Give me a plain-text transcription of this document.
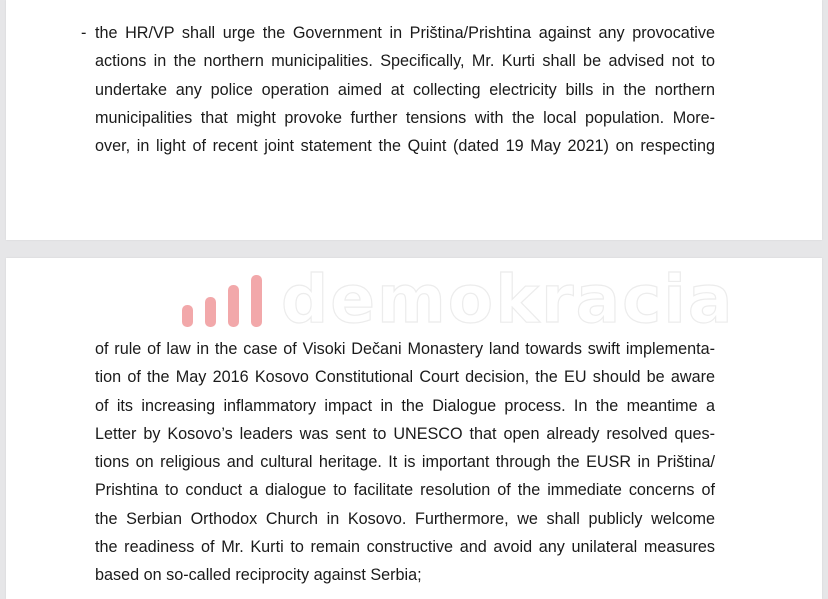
- the HR/VP shall urge the Government in Priština/Prishtina against any provocative
actions in the northern municipalities. Specifically, Mr. Kurti shall be advised not to
undertake any police operation aimed at collecting electricity bills in the northern
municipalities that might provoke further tensions with the local population. More-
over, in light of recent joint statement the Quint (dated 19 May 2021) on respecting
demokracia
of rule of law in the case of Visoki Dečani Monastery land towards swift implementa-
tion of the May 2016 Kosovo Constitutional Court decision, the EU should be aware
of its increasing inflammatory impact in the Dialogue process. In the meantime a
Letter by Kosovo’s leaders was sent to UNESCO that open already resolved ques-
tions on religious and cultural heritage. It is important through the EUSR in Priština/
Prishtina to conduct a dialogue to facilitate resolution of the immediate concerns of
the Serbian Orthodox Church in Kosovo. Furthermore, we shall publicly welcome
the readiness of Mr. Kurti to remain constructive and avoid any unilateral measures
based on so-called reciprocity against Serbia;
